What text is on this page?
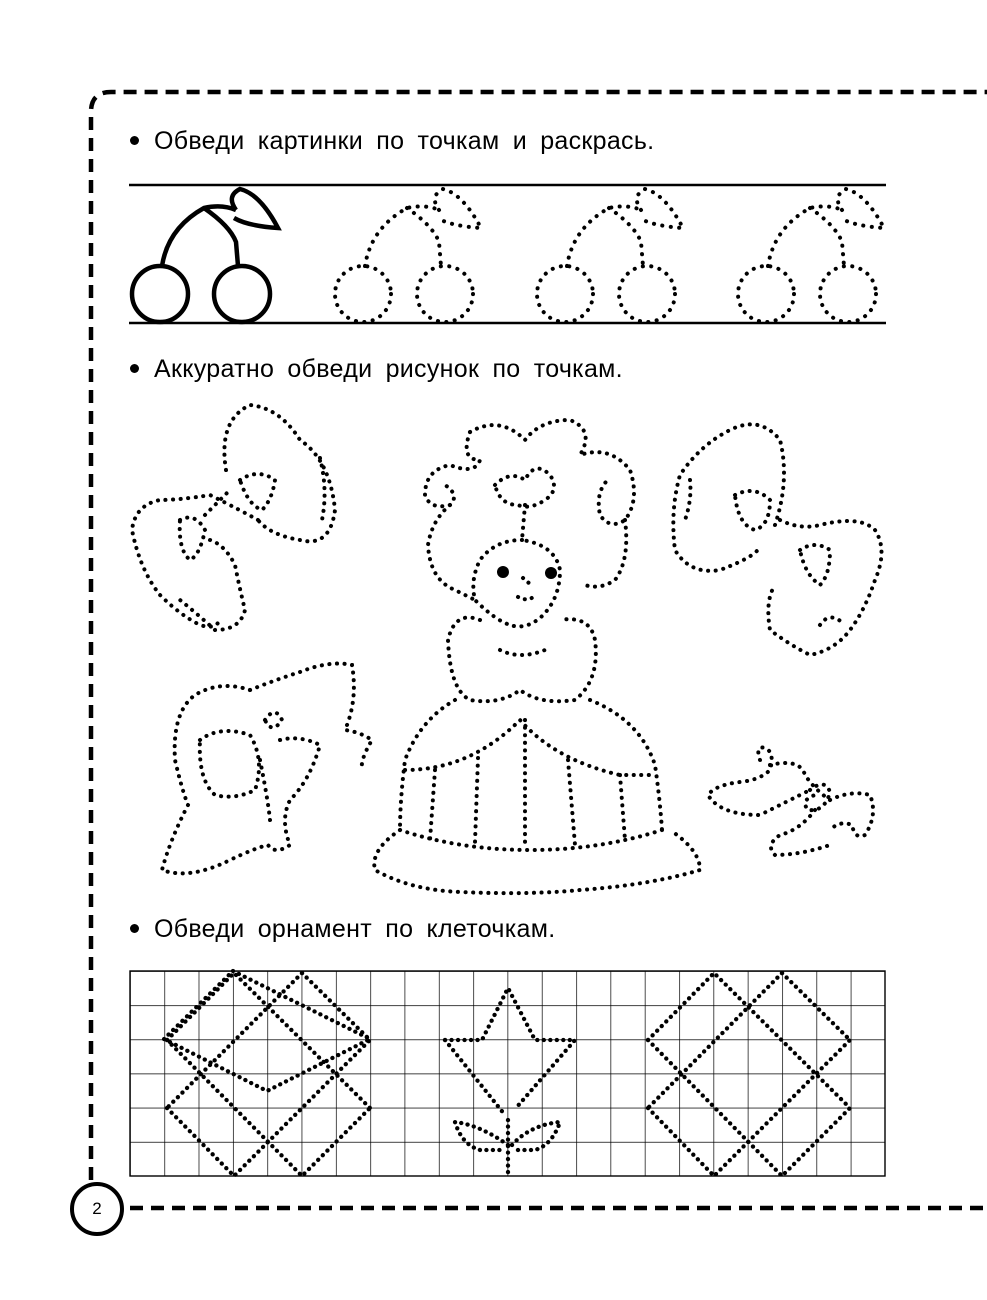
2
Обведи картинки по точкам и раскрась.
Аккуратно обведи рисунок по точкам.
Обведи орнамент по клеточкам.
